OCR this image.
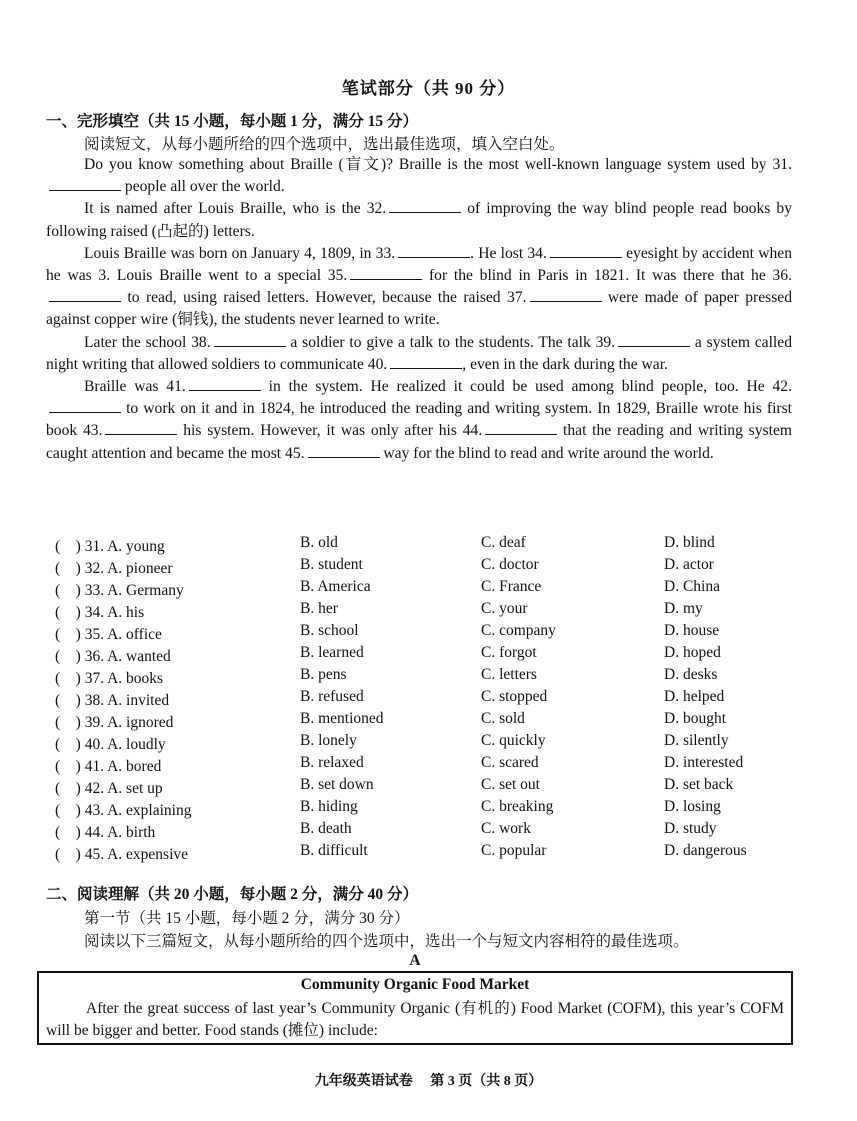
笔试部分（共 90 分）
一、完形填空（共 15 小题，每小题 1 分，满分 15 分）
阅读短文，从每小题所给的四个选项中，选出最佳选项，填入空白处。

Do you know something about Braille (盲文)? Braille is the most well-known language system used by 31. people all over the world.

It is named after Louis Braille, who is the 32.	of improving the way blind people read books by following raised (凸起的) letters.

Louis Braille was born on January 4, 1809, in 33.	. He lost 34.	eyesight by accident when he was 3. Louis Braille went to a special 35.	for the blind in Paris in 1821. It was there that he 36. to read, using raised letters. However, because the raised 37.	were made of paper pressed against copper wire (铜钱), the students never learned to write.

Later the school 38.	a soldier to give a talk to the students. The talk 39.	a system called night writing that allowed soldiers to communicate 40.	, even in the dark during the war.

Braille was 41.	in the system. He realized it could be used among blind people, too. He 42. to work on it and in 1824, he introduced the reading and writing system. In 1829, Braille wrote his first book 43.	his system. However, it was only after his 44.	that the reading and writing system caught attention and became the most 45.	way for the blind to read and write around the world.

(　) 31. A. young	B. old	C. deaf	D. blind
(　) 32. A. pioneer	B. student	C. doctor	D. actor
(　) 33. A. Germany	B. America	C. France	D. China
(　) 34. A. his	B. her	C. your	D. my
(　) 35. A. office	B. school	C. company	D. house
(　) 36. A. wanted	B. learned	C. forgot	D. hoped
(　) 37. A. books	B. pens	C. letters	D. desks
(　) 38. A. invited	B. refused	C. stopped	D. helped
(　) 39. A. ignored	B. mentioned	C. sold	D. bought
(　) 40. A. loudly	B. lonely	C. quickly	D. silently
(　) 41. A. bored	B. relaxed	C. scared	D. interested
(　) 42. A. set up	B. set down	C. set out	D. set back
(　) 43. A. explaining	B. hiding	C. breaking	D. losing
(　) 44. A. birth	B. death	C. work	D. study
(　) 45. A. expensive	B. difficult	C. popular	D. dangerous
二、阅读理解（共 20 小题，每小题 2 分，满分 40 分）
第一节（共 15 小题，每小题 2 分，满分 30 分）
阅读以下三篇短文，从每小题所给的四个选项中，选出一个与短文内容相符的最佳选项。
A
Community Organic Food Market
After the great success of last year’s Community Organic (有机的) Food Market (COFM), this year’s COFM will be bigger and better. Food stands (摊位) include:
九年级英语试卷　 第 3 页（共 8 页）
